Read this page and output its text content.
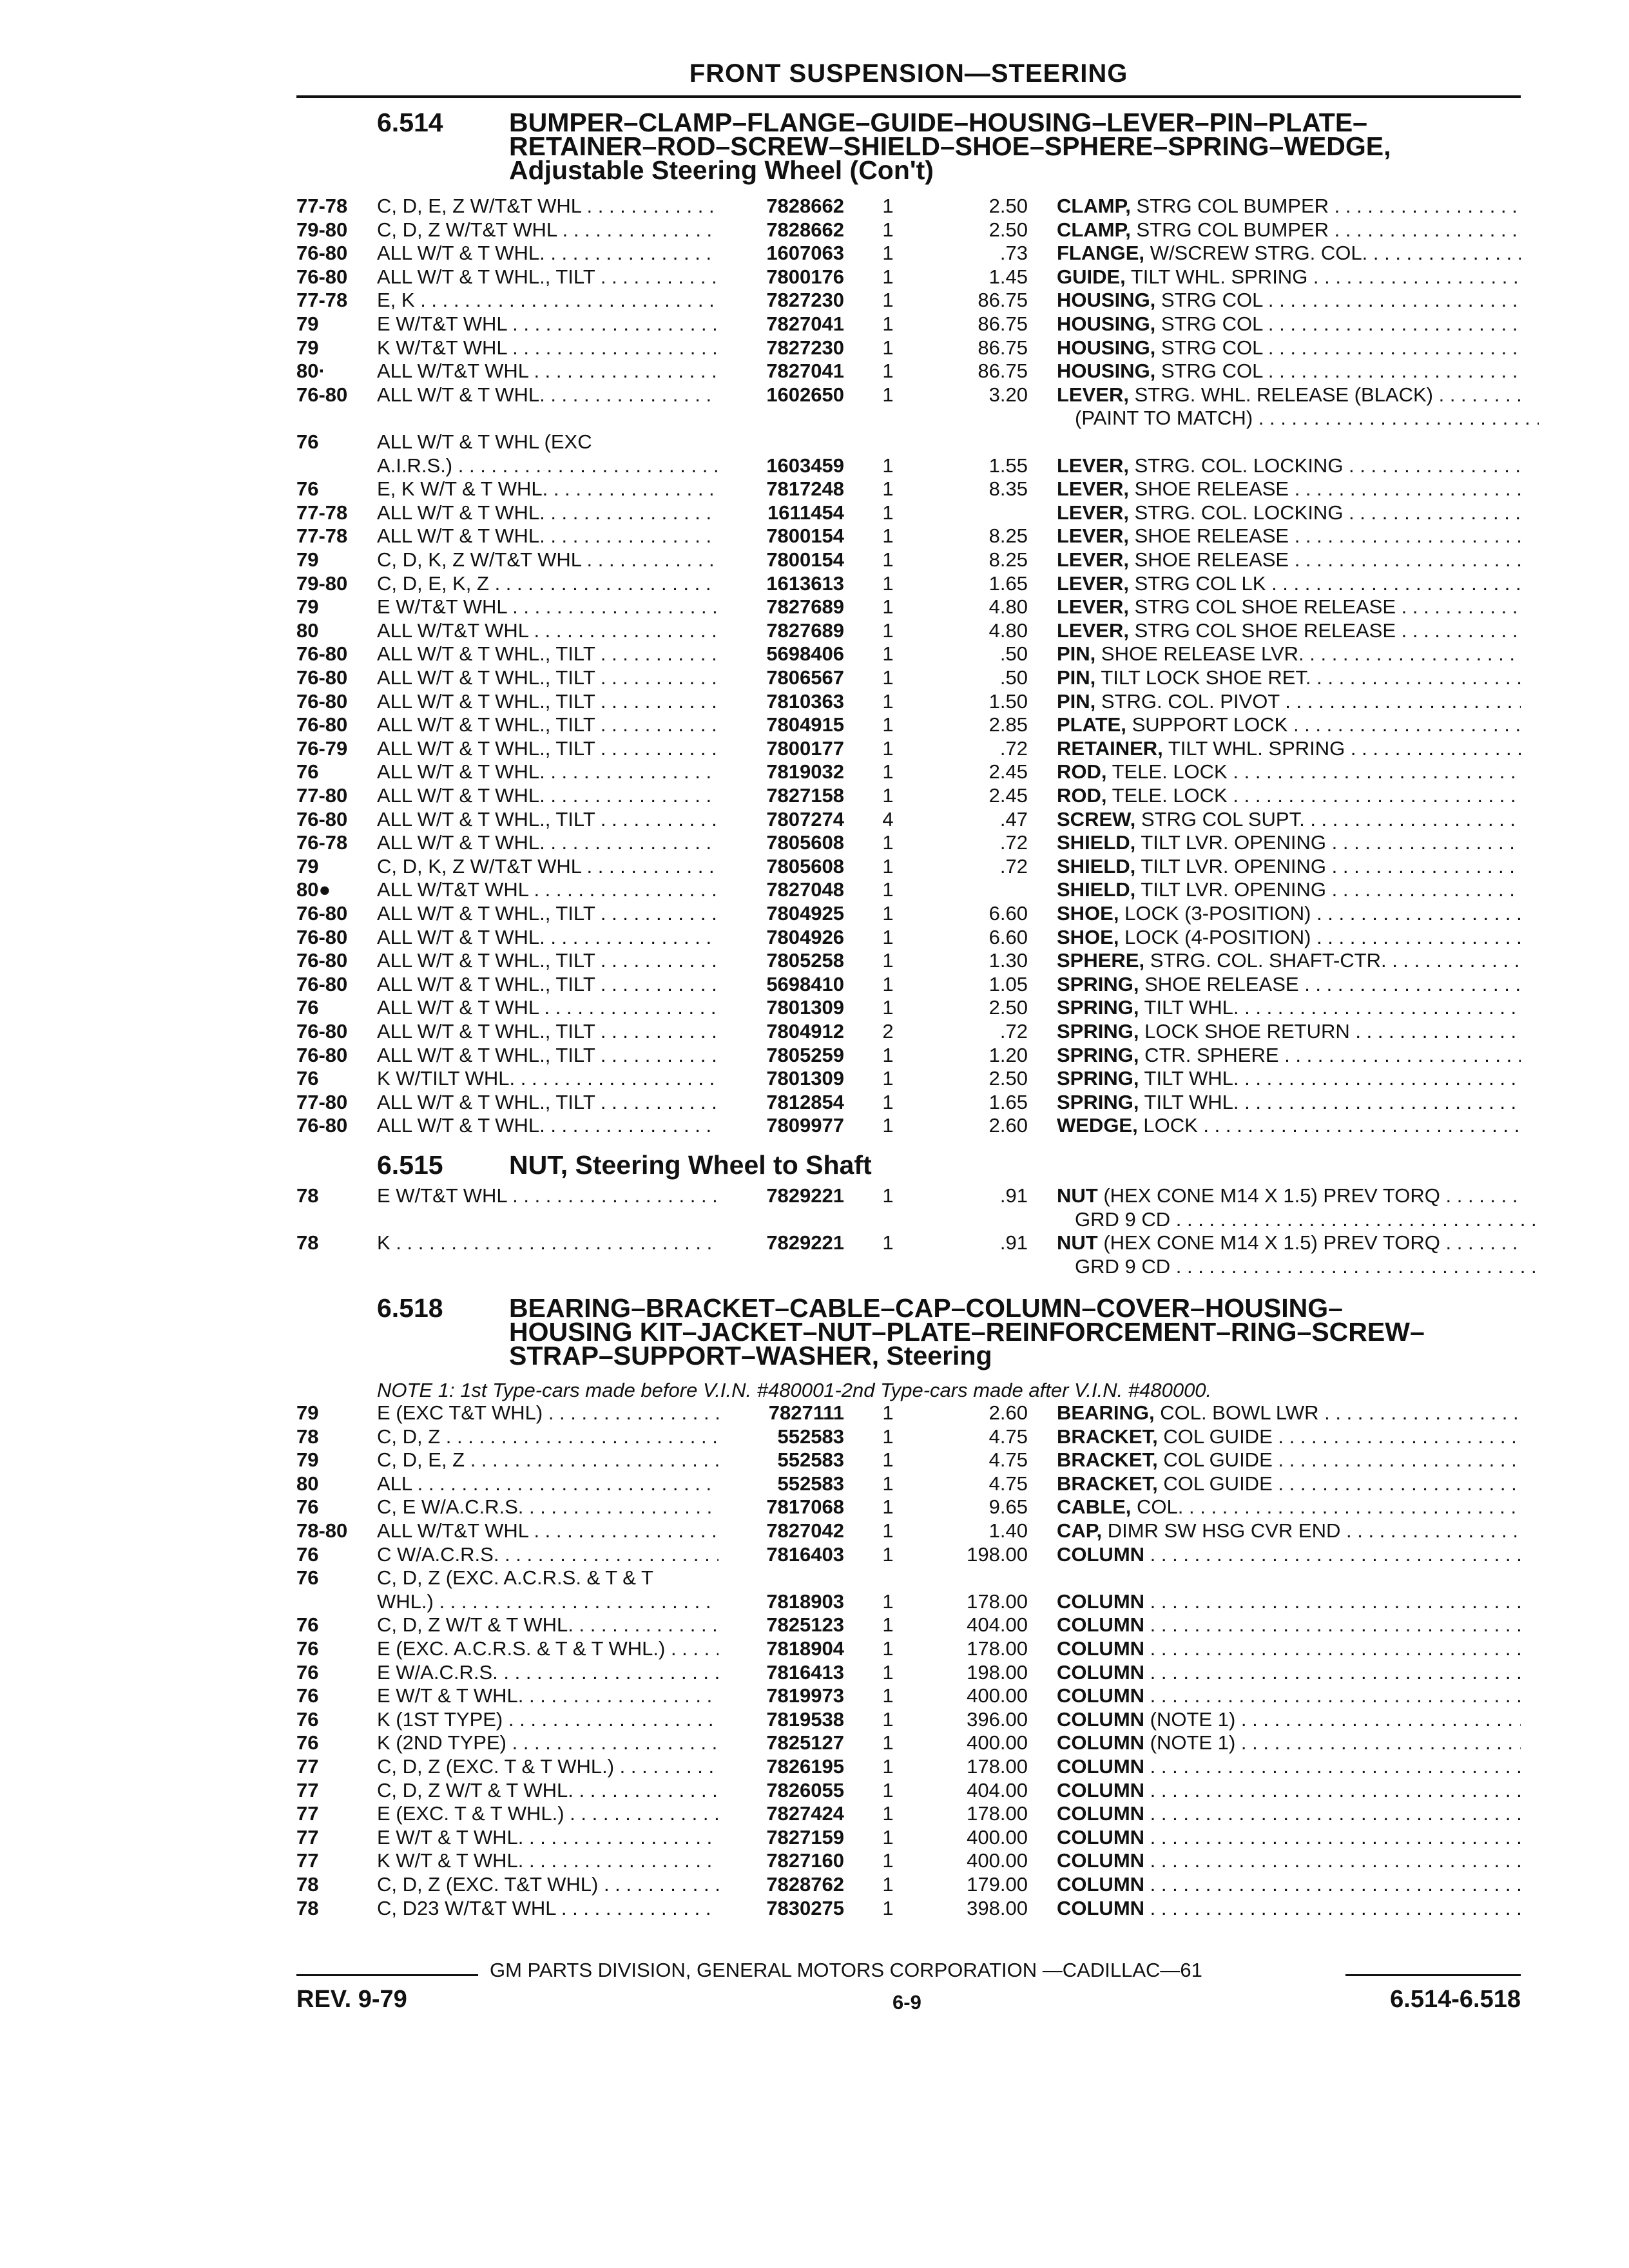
FRONT SUSPENSION—STEERING
6.514 BUMPER–CLAMP–FLANGE–GUIDE–HOUSING–LEVER–PIN–PLATE–
RETAINER–ROD–SCREW–SHIELD–SHOE–SPHERE–SPRING–WEDGE,
Adjustable Steering Wheel (Con't)
6.515 NUT, Steering Wheel to Shaft
6.518 BEARING–BRACKET–CABLE–CAP–COLUMN–COVER–HOUSING–
HOUSING KIT–JACKET–NUT–PLATE–REINFORCEMENT–RING–SCREW–
STRAP–SUPPORT–WASHER, Steering
NOTE 1: 1st Type-cars made before V.I.N. #480001-2nd Type-cars made after V.I.N. #480000.
77-78 C, D, E, Z W/T&T WHL . . .	7828662	1	2.50 CLAMP, STRG COL BUMPER . . .
79-80 C, D, Z W/T&T WHL . . .	7828662	1	2.50 CLAMP, STRG COL BUMPER . . .
76-80 ALL W/T & T WHL. . . .	1607063	1	.73 FLANGE, W/SCREW STRG. COL. . . .
76-80 ALL W/T & T WHL., TILT . . .	7800176	1	1.45 GUIDE, TILT WHL. SPRING . . .
77-78 E, K . . .	7827230	1	86.75 HOUSING, STRG COL . . .
79	E W/T&T WHL . . .	7827041	1	86.75 HOUSING, STRG COL . . .
79	K W/T&T WHL . . .	7827230	1	86.75 HOUSING, STRG COL . . .
80·	ALL W/T&T WHL . . .	7827041	1	86.75 HOUSING, STRG COL . . .
76-80 ALL W/T & T WHL. . . .	1602650	1	3.20 LEVER, STRG. WHL. RELEASE (BLACK) . . .
(PAINT TO MATCH) . . .
76	ALL W/T & T WHL (EXC
A.I.R.S.) . . .	1603459	1	1.55 LEVER, STRG. COL. LOCKING . . .
76	E, K W/T & T WHL. . . .	7817248	1	8.35 LEVER, SHOE RELEASE . . .
77-78 ALL W/T & T WHL. . . .	1611454	1	LEVER, STRG. COL. LOCKING . . .
77-78 ALL W/T & T WHL. . . .	7800154	1	8.25 LEVER, SHOE RELEASE . . .
79	C, D, K, Z W/T&T WHL . . .	7800154	1	8.25 LEVER, SHOE RELEASE . . .
79-80 C, D, E, K, Z . . .	1613613	1	1.65 LEVER, STRG COL LK . . .
79	E W/T&T WHL . . .	7827689	1	4.80 LEVER, STRG COL SHOE RELEASE . . .
80	ALL W/T&T WHL . . .	7827689	1	4.80 LEVER, STRG COL SHOE RELEASE . . .
76-80 ALL W/T & T WHL., TILT . . .	5698406	1	.50 PIN, SHOE RELEASE LVR. . . .
76-80 ALL W/T & T WHL., TILT . . .	7806567	1	.50 PIN, TILT LOCK SHOE RET. . . .
76-80 ALL W/T & T WHL., TILT . . .	7810363	1	1.50 PIN, STRG. COL. PIVOT . . .
76-80 ALL W/T & T WHL., TILT . . .	7804915	1	2.85 PLATE, SUPPORT LOCK . . .
76-79 ALL W/T & T WHL., TILT . . .	7800177	1	.72 RETAINER, TILT WHL. SPRING . . .
76	ALL W/T & T WHL. . . .	7819032	1	2.45 ROD, TELE. LOCK . . .
77-80 ALL W/T & T WHL. . . .	7827158	1	2.45 ROD, TELE. LOCK . . .
76-80 ALL W/T & T WHL., TILT . . .	7807274	4	.47 SCREW, STRG COL SUPT. . . .
76-78 ALL W/T & T WHL. . . .	7805608	1	.72 SHIELD, TILT LVR. OPENING . . .
79	C, D, K, Z W/T&T WHL . . .	7805608	1	.72 SHIELD, TILT LVR. OPENING . . .
80● ALL W/T&T WHL . . .	7827048	1	SHIELD, TILT LVR. OPENING . . .
76-80 ALL W/T & T WHL., TILT . . .	7804925	1	6.60 SHOE, LOCK (3-POSITION) . . .
76-80 ALL W/T & T WHL. . . .	7804926	1	6.60 SHOE, LOCK (4-POSITION) . . .
76-80 ALL W/T & T WHL., TILT . . .	7805258	1	1.30 SPHERE, STRG. COL. SHAFT-CTR. . . .
76-80 ALL W/T & T WHL., TILT . . .	5698410	1	1.05 SPRING, SHOE RELEASE . . .
76	ALL W/T & T WHL . . .	7801309	1	2.50 SPRING, TILT WHL. . . .
76-80 ALL W/T & T WHL., TILT . . .	7804912	2	.72 SPRING, LOCK SHOE RETURN . . .
76-80 ALL W/T & T WHL., TILT . . .	7805259	1	1.20 SPRING, CTR. SPHERE . . .
76	K W/TILT WHL. . . .	7801309	1	2.50 SPRING, TILT WHL. . . .
77-80 ALL W/T & T WHL., TILT . . .	7812854	1	1.65 SPRING, TILT WHL. . . .
76-80 ALL W/T & T WHL. . . .	7809977	1	2.60 WEDGE, LOCK . . .
78	E W/T&T WHL . . .	7829221	1	.91 NUT (HEX CONE M14 X 1.5) PREV TORQ . . .
GRD 9 CD . . .
78	K . . .	7829221	1	.91 NUT (HEX CONE M14 X 1.5) PREV TORQ . . .
GRD 9 CD . . .
79	E (EXC T&T WHL) . . .	7827111	1	2.60 BEARING, COL. BOWL LWR . . .
78	C, D, Z . . .	552583	1	4.75 BRACKET, COL GUIDE . . .
79	C, D, E, Z . . .	552583	1	4.75 BRACKET, COL GUIDE . . .
80	ALL . . .	552583	1	4.75 BRACKET, COL GUIDE . . .
76	C, E W/A.C.R.S. . . .	7817068	1	9.65 CABLE, COL. . . .
78-80 ALL W/T&T WHL . . .	7827042	1	1.40 CAP, DIMR SW HSG CVR END . . .
76	C W/A.C.R.S. . . .	7816403	1	198.00 COLUMN . . .
76	C, D, Z (EXC. A.C.R.S. & T & T
WHL.) . . .	7818903	1	178.00 COLUMN . . .
76	C, D, Z W/T & T WHL. . . .	7825123	1	404.00 COLUMN . . .
76	E (EXC. A.C.R.S. & T & T WHL.) . . .	7818904	1	178.00 COLUMN . . .
76	E W/A.C.R.S. . . .	7816413	1	198.00 COLUMN . . .
76	E W/T & T WHL. . . .	7819973	1	400.00 COLUMN . . .
76	K (1ST TYPE) . . .	7819538	1	396.00 COLUMN (NOTE 1) . . .
76	K (2ND TYPE) . . .	7825127	1	400.00 COLUMN (NOTE 1) . . .
77	C, D, Z (EXC. T & T WHL.) . . .	7826195	1	178.00 COLUMN . . .
77	C, D, Z W/T & T WHL. . . .	7826055	1	404.00 COLUMN . . .
77	E (EXC. T & T WHL.) . . .	7827424	1	178.00 COLUMN . . .
77	E W/T & T WHL. . . .	7827159	1	400.00 COLUMN . . .
77	K W/T & T WHL. . . .	7827160	1	400.00 COLUMN . . .
78	C, D, Z (EXC. T&T WHL) . . .	7828762	1	179.00 COLUMN . . .
78	C, D23 W/T&T WHL . . .	7830275	1	398.00 COLUMN . . .
GM PARTS DIVISION, GENERAL MOTORS CORPORATION —CADILLAC—61
REV. 9-79	6-9	6.514-6.518
